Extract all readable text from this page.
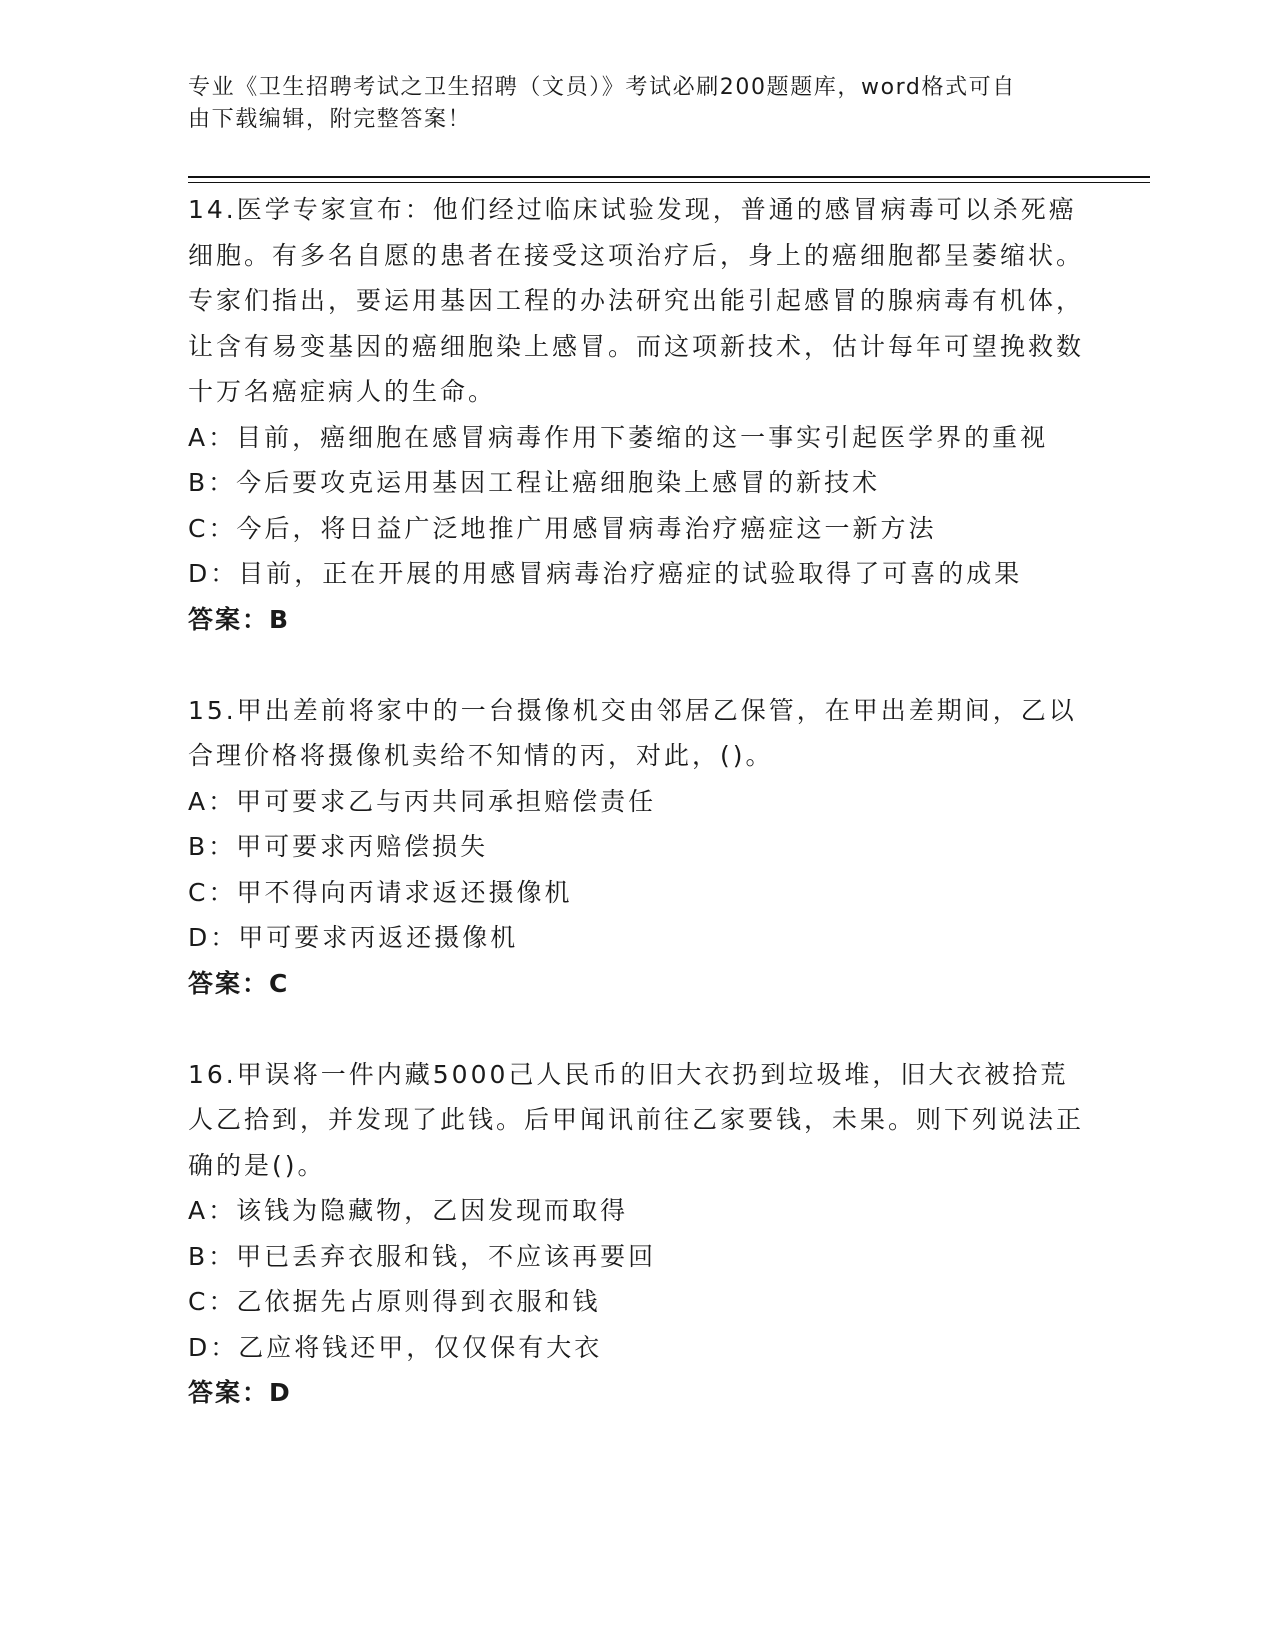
专业《卫生招聘考试之卫生招聘（文员）》考试必刷200题题库，word格式可自
由下载编辑，附完整答案！

14.医学专家宣布：他们经过临床试验发现，普通的感冒病毒可以杀死癌细胞。有多名自愿的患者在接受这项治疗后，身上的癌细胞都呈萎缩状。专家们指出，要运用基因工程的办法研究出能引起感冒的腺病毒有机体，让含有易变基因的癌细胞染上感冒。而这项新技术，估计每年可望挽救数十万名癌症病人的生命。

A：目前，癌细胞在感冒病毒作用下萎缩的这一事实引起医学界的重视

B：今后要攻克运用基因工程让癌细胞染上感冒的新技术

C：今后，将日益广泛地推广用感冒病毒治疗癌症这一新方法

D：目前，正在开展的用感冒病毒治疗癌症的试验取得了可喜的成果

答案：B

15.甲出差前将家中的一台摄像机交由邻居乙保管，在甲出差期间，乙以合理价格将摄像机卖给不知情的丙，对此，()。

A：甲可要求乙与丙共同承担赔偿责任

B：甲可要求丙赔偿损失

C：甲不得向丙请求返还摄像机

D：甲可要求丙返还摄像机

答案：C

16.甲误将一件内藏5000己人民币的旧大衣扔到垃圾堆，旧大衣被拾荒人乙拾到，并发现了此钱。后甲闻讯前往乙家要钱，未果。则下列说法正确的是()。

A：该钱为隐藏物，乙因发现而取得

B：甲已丢弃衣服和钱，不应该再要回

C：乙依据先占原则得到衣服和钱

D：乙应将钱还甲，仅仅保有大衣

答案：D
